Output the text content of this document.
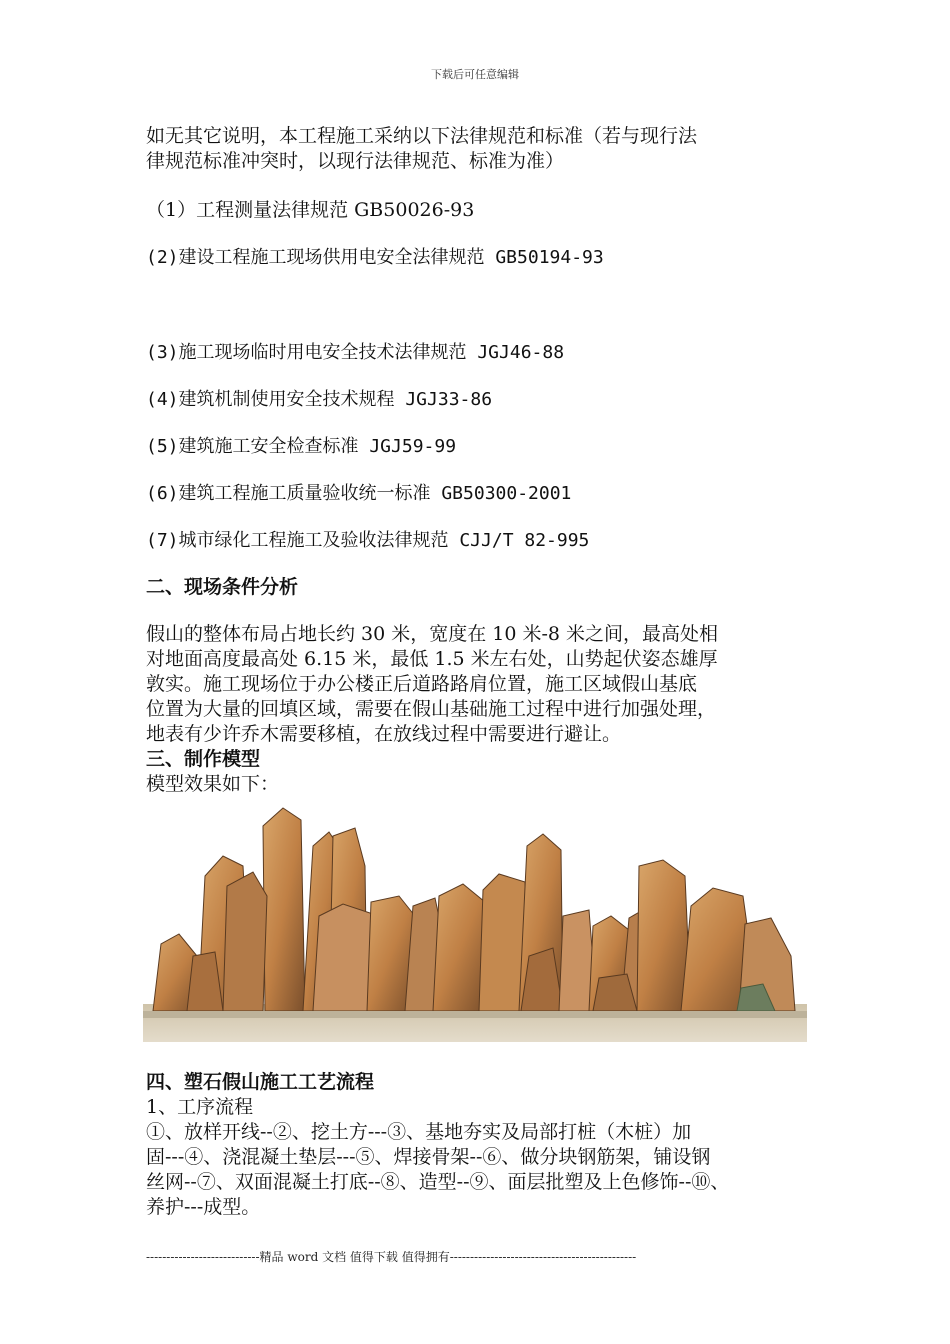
下载后可任意编辑
如无其它说明，本工程施工采纳以下法律规范和标准（若与现行法
律规范标准冲突时，以现行法律规范、标准为准）
（1）工程测量法律规范 GB50026-93
(2)建设工程施工现场供用电安全法律规范 GB50194-93
(3)施工现场临时用电安全技术法律规范 JGJ46-88
(4)建筑机制使用安全技术规程 JGJ33-86
(5)建筑施工安全检查标准 JGJ59-99
(6)建筑工程施工质量验收统一标准 GB50300-2001
(7)城市绿化工程施工及验收法律规范 CJJ/T 82-995
二、现场条件分析
假山的整体布局占地长约 30 米，宽度在 10 米-8 米之间，最高处相
对地面高度最高处 6.15 米，最低 1.5 米左右处，山势起伏姿态雄厚
敦实。施工现场位于办公楼正后道路路肩位置，施工区域假山基底
位置为大量的回填区域，需要在假山基础施工过程中进行加强处理，
地表有少许乔木需要移植，在放线过程中需要进行避让。
三、制作模型
模型效果如下：
四、塑石假山施工工艺流程
1、工序流程
①、放样开线--②、挖土方---③、基地夯实及局部打桩（木桩）加
固---④、浇混凝土垫层---⑤、焊接骨架--⑥、做分块钢筋架，铺设钢
丝网--⑦、双面混凝土打底--⑧、造型--⑨、面层批塑及上色修饰--⑩、
养护---成型。
----------------------------精品 word 文档 值得下载 值得拥有----------------------------------------------
